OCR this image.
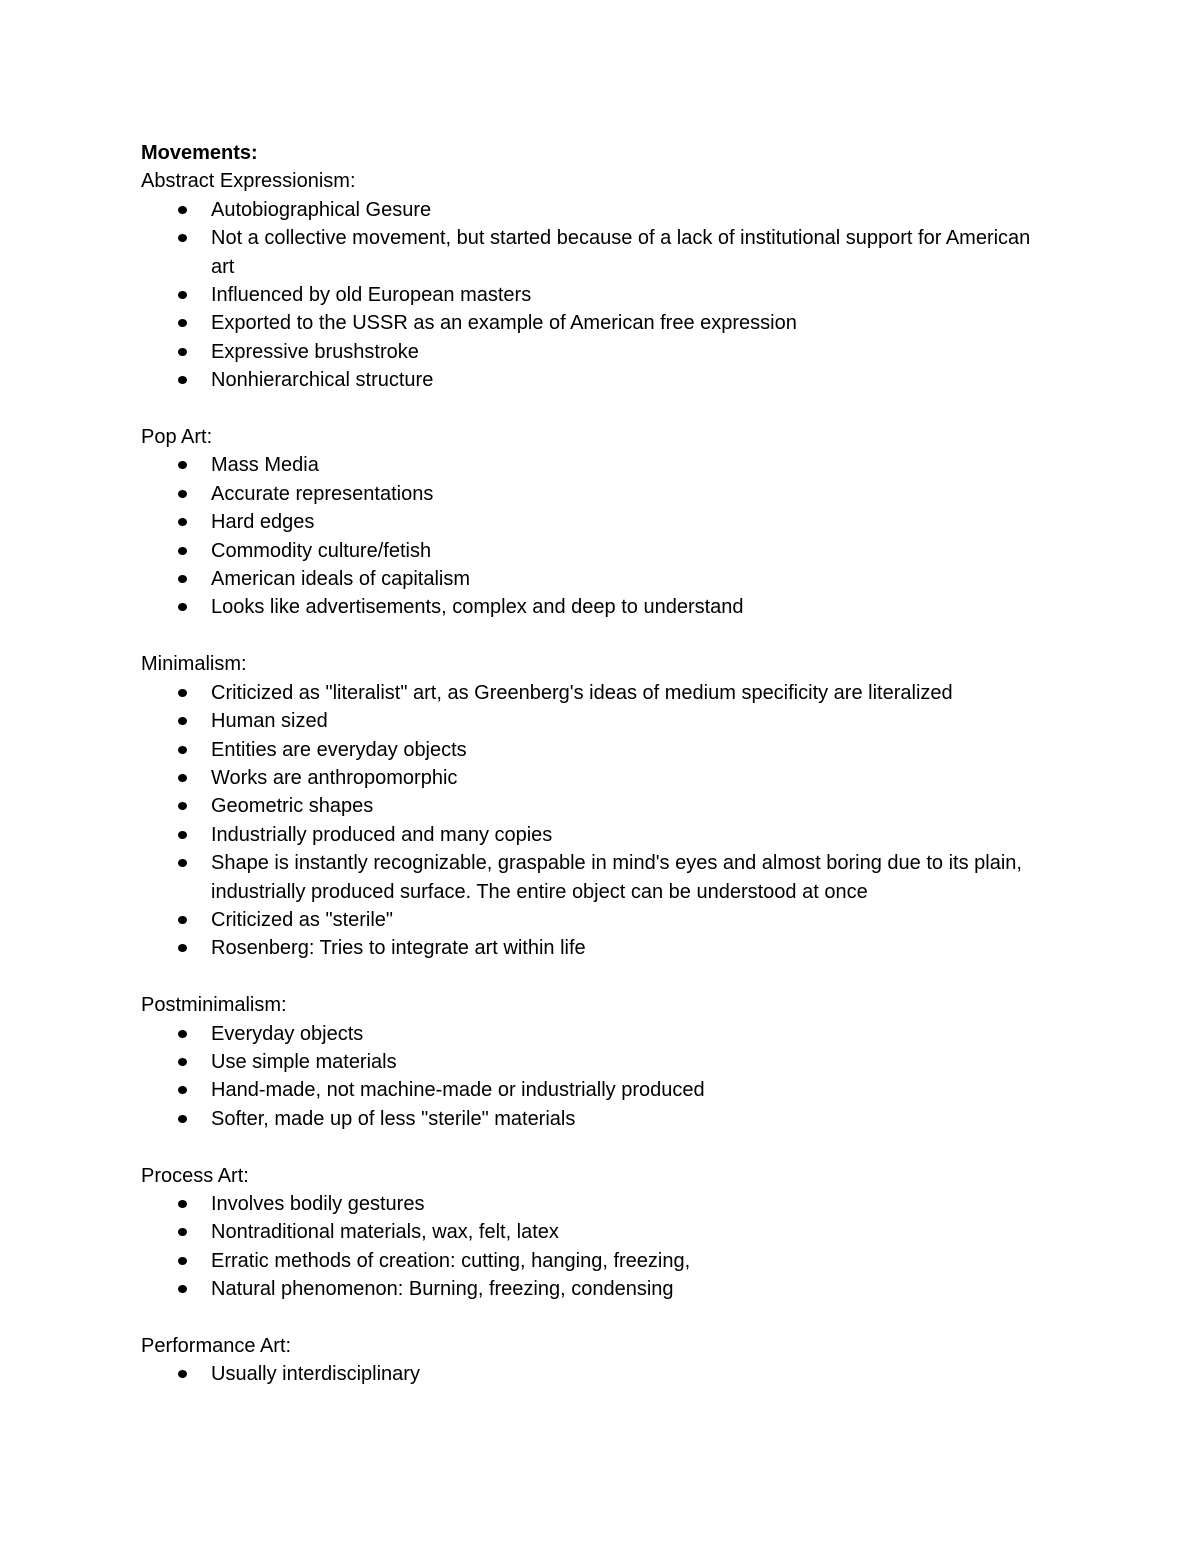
Movements:
Abstract Expressionism:
Autobiographical Gesure
Not a collective movement, but started because of a lack of institutional support for American art
Influenced by old European masters
Exported to the USSR as an example of American free expression
Expressive brushstroke
Nonhierarchical structure
Pop Art:
Mass Media
Accurate representations
Hard edges
Commodity culture/fetish
American ideals of capitalism
Looks like advertisements, complex and deep to understand
Minimalism:
Criticized as "literalist" art, as Greenberg's ideas of medium specificity are literalized
Human sized
Entities are everyday objects
Works are anthropomorphic
Geometric shapes
Industrially produced and many copies
Shape is instantly recognizable, graspable in mind's eyes and almost boring due to its plain, industrially produced surface. The entire object can be understood at once
Criticized as "sterile"
Rosenberg: Tries to integrate art within life
Postminimalism:
Everyday objects
Use simple materials
Hand-made, not machine-made or industrially produced
Softer, made up of less "sterile" materials
Process Art:
Involves bodily gestures
Nontraditional materials, wax, felt, latex
Erratic methods of creation: cutting, hanging, freezing,
Natural phenomenon: Burning, freezing, condensing
Performance Art:
Usually interdisciplinary
